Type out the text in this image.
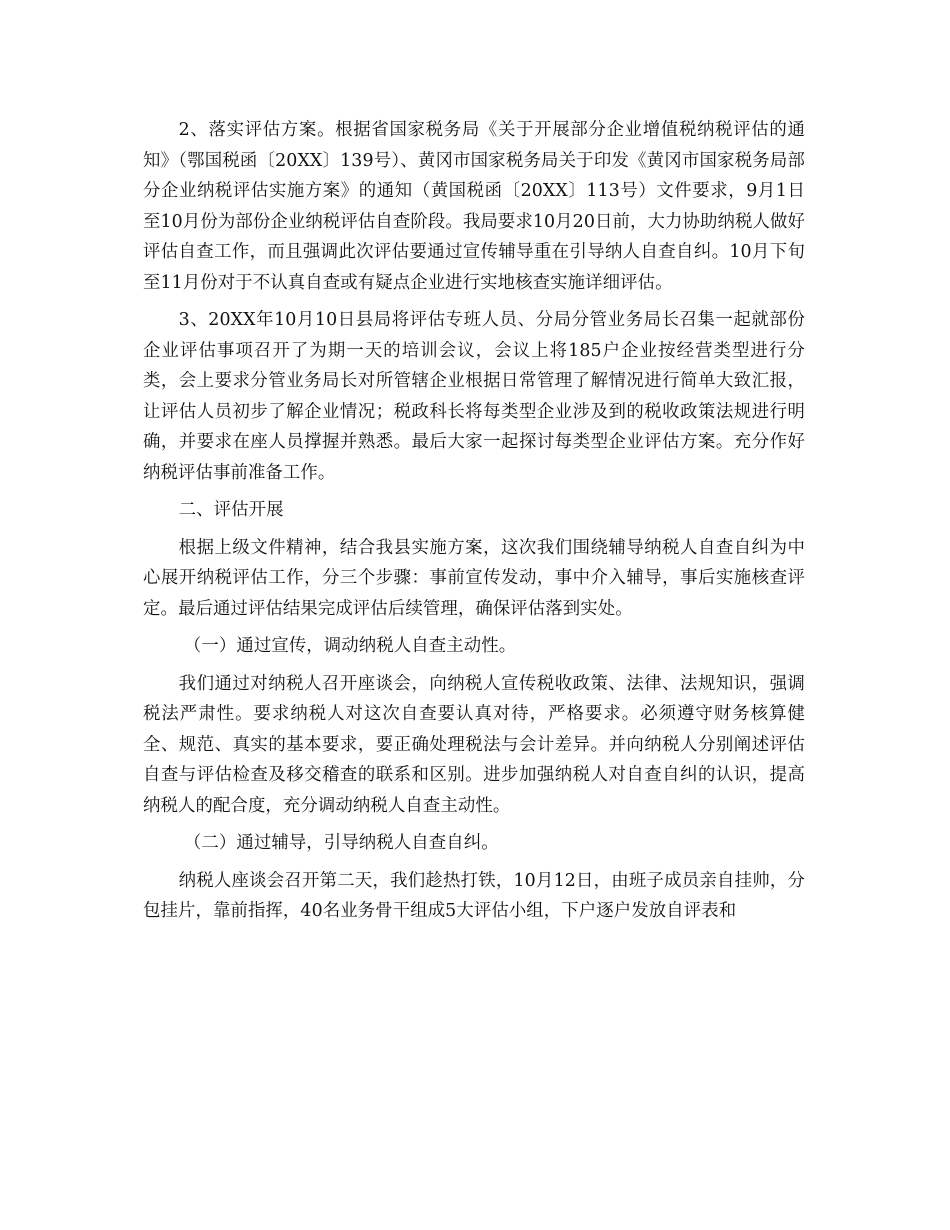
2、落实评估方案。根据省国家税务局《关于开展部分企业增值税纳税评估的通知》（鄂国税函〔20XX〕139号）、黄冈市国家税务局关于印发《黄冈市国家税务局部分企业纳税评估实施方案》的通知（黄国税函〔20XX〕113号）文件要求，9月1日至10月份为部份企业纳税评估自查阶段。我局要求10月20日前，大力协助纳税人做好评估自查工作，而且强调此次评估要通过宣传辅导重在引导纳人自查自纠。10月下旬至11月份对于不认真自查或有疑点企业进行实地核查实施详细评估。

3、20XX年10月10日县局将评估专班人员、分局分管业务局长召集一起就部份企业评估事项召开了为期一天的培训会议，会议上将185户企业按经营类型进行分类，会上要求分管业务局长对所管辖企业根据日常管理了解情况进行简单大致汇报，让评估人员初步了解企业情况；税政科长将每类型企业涉及到的税收政策法规进行明确，并要求在座人员撑握并熟悉。最后大家一起探讨每类型企业评估方案。充分作好纳税评估事前准备工作。

二、评估开展

根据上级文件精神，结合我县实施方案，这次我们围绕辅导纳税人自查自纠为中心展开纳税评估工作，分三个步骤：事前宣传发动，事中介入辅导，事后实施核查评定。最后通过评估结果完成评估后续管理，确保评估落到实处。

（一）通过宣传，调动纳税人自查主动性。

我们通过对纳税人召开座谈会，向纳税人宣传税收政策、法律、法规知识，强调税法严肃性。要求纳税人对这次自查要认真对待，严格要求。必须遵守财务核算健全、规范、真实的基本要求，要正确处理税法与会计差异。并向纳税人分别阐述评估自查与评估检查及移交稽查的联系和区别。进步加强纳税人对自查自纠的认识，提高纳税人的配合度，充分调动纳税人自查主动性。

（二）通过辅导，引导纳税人自查自纠。

纳税人座谈会召开第二天，我们趁热打铁，10月12日，由班子成员亲自挂帅，分包挂片，靠前指挥，40名业务骨干组成5大评估小组，下户逐户发放自评表和
